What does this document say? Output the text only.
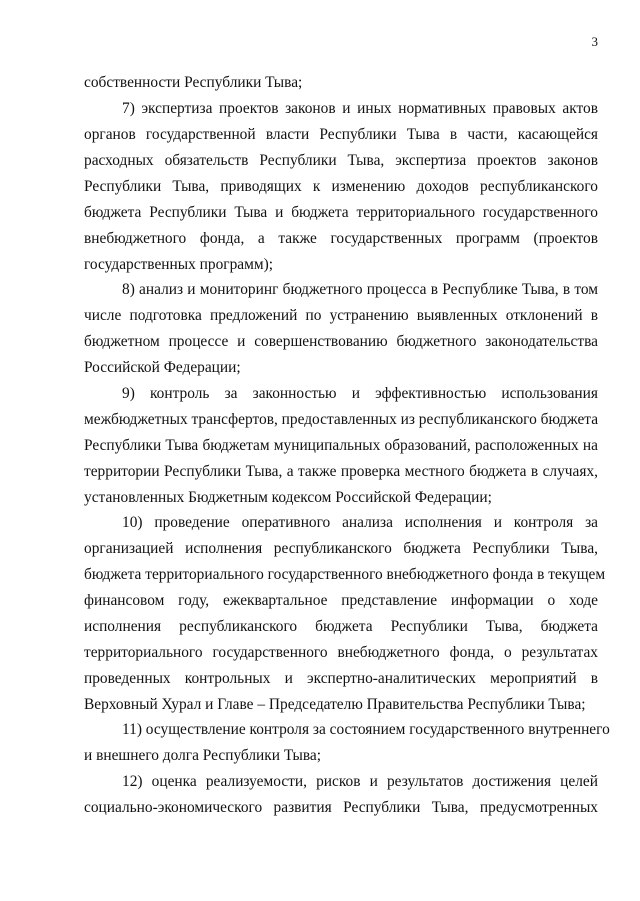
3
собственности Республики Тыва;
7) экспертиза проектов законов и иных нормативных правовых актов
органов государственной власти Республики Тыва в части, касающейся
расходных обязательств Республики Тыва, экспертиза проектов законов
Республики Тыва, приводящих к изменению доходов республиканского
бюджета Республики Тыва и бюджета территориального государственного
внебюджетного фонда, а также государственных программ (проектов
государственных программ);
8) анализ и мониторинг бюджетного процесса в Республике Тыва, в том
числе подготовка предложений по устранению выявленных отклонений в
бюджетном процессе и совершенствованию бюджетного законодательства
Российской Федерации;
9) контроль за законностью и эффективностью использования
межбюджетных трансфертов, предоставленных из республиканского бюджета
Республики Тыва бюджетам муниципальных образований, расположенных на
территории Республики Тыва, а также проверка местного бюджета в случаях,
установленных Бюджетным кодексом Российской Федерации;
10) проведение оперативного анализа исполнения и контроля за
организацией исполнения республиканского бюджета Республики Тыва,
бюджета территориального государственного внебюджетного фонда в текущем
финансовом году, ежеквартальное представление информации о ходе
исполнения республиканского бюджета Республики Тыва, бюджета
территориального государственного внебюджетного фонда, о результатах
проведенных контрольных и экспертно-аналитических мероприятий в
Верховный Хурал и Главе – Председателю Правительства Республики Тыва;
11) осуществление контроля за состоянием государственного внутреннего
и внешнего долга Республики Тыва;
12) оценка реализуемости, рисков и результатов достижения целей
социально-экономического развития Республики Тыва, предусмотренных
